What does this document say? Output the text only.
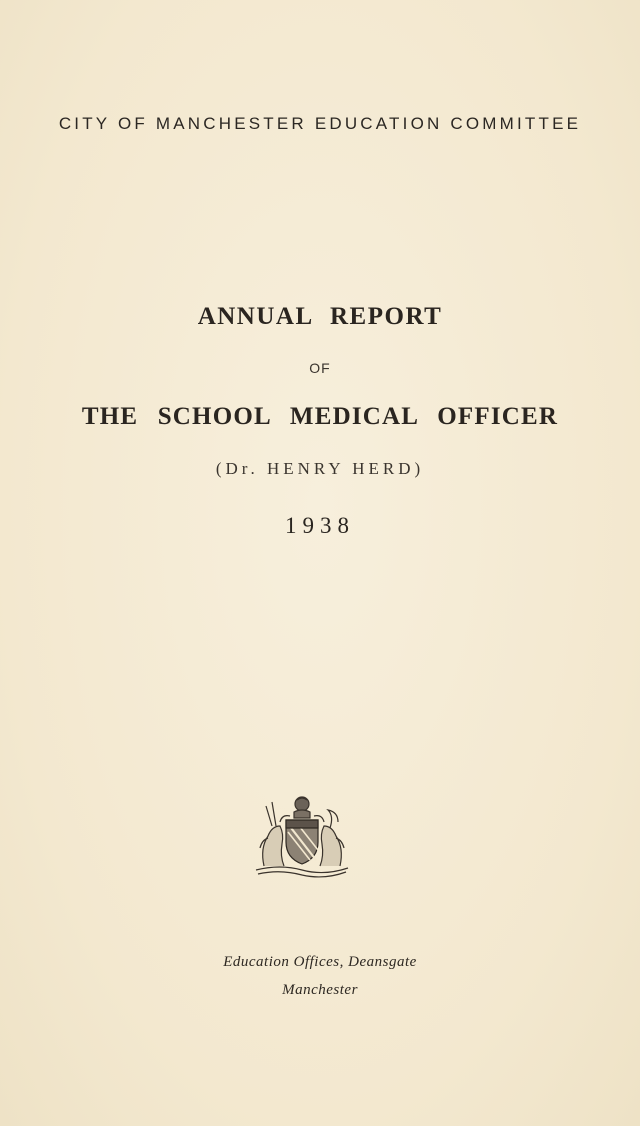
CITY OF MANCHESTER EDUCATION COMMITTEE
ANNUAL REPORT
OF
THE SCHOOL MEDICAL OFFICER
(Dr. HENRY HERD)
1938
Education Offices, Deansgate
Manchester
